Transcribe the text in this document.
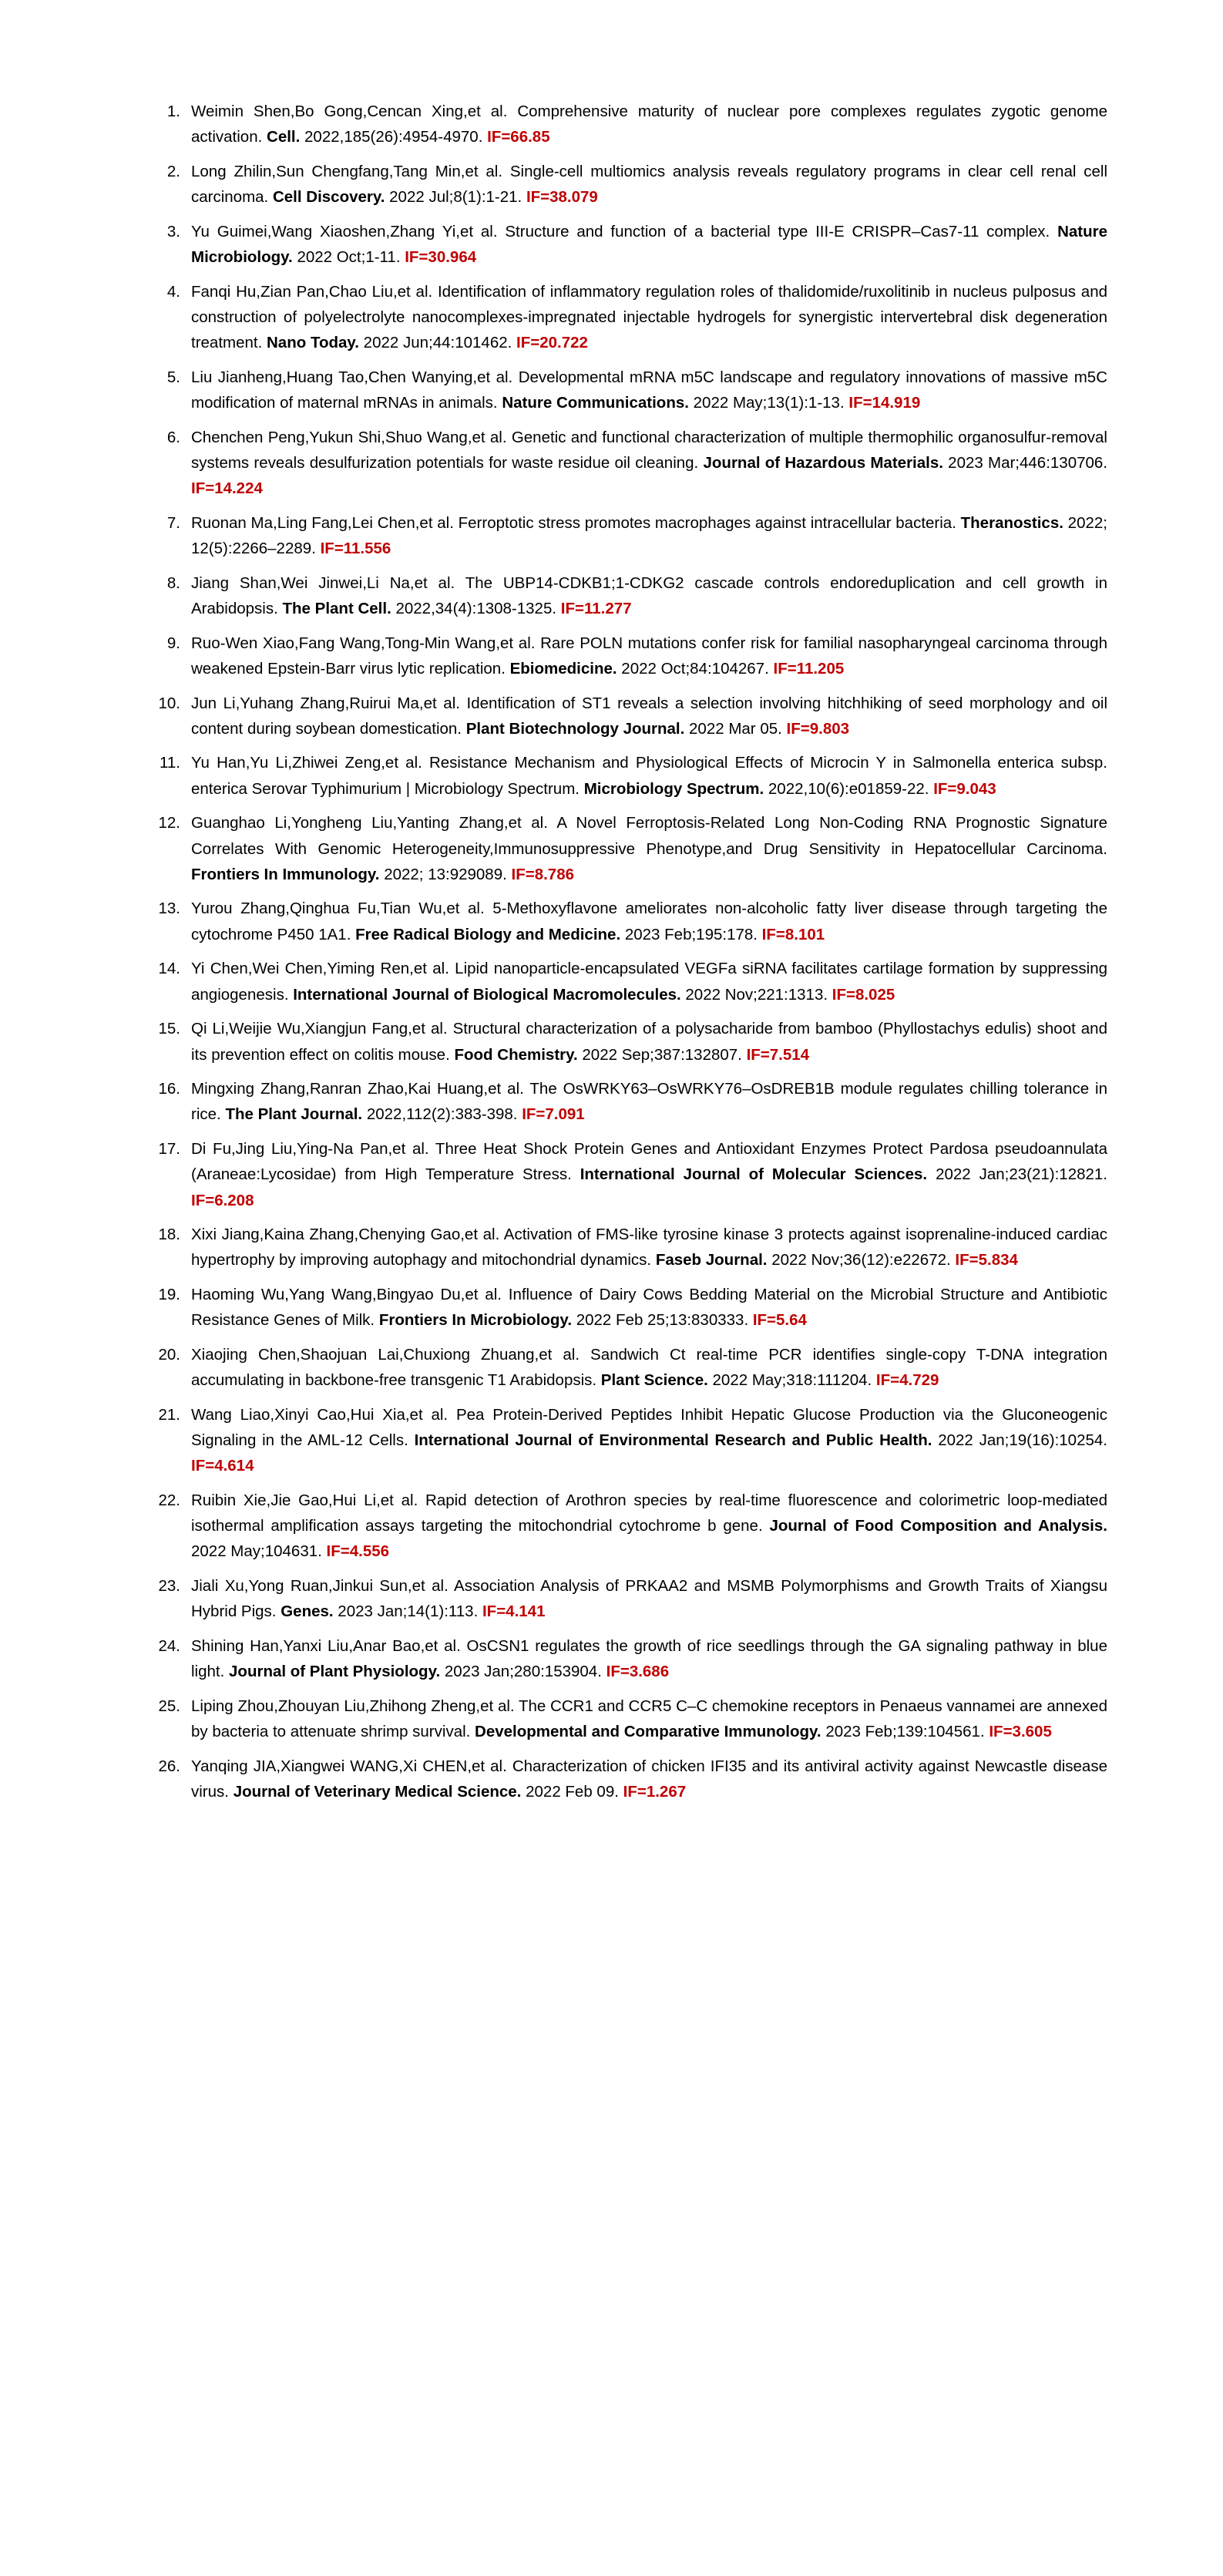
Weimin Shen,Bo Gong,Cencan Xing,et al. Comprehensive maturity of nuclear pore complexes regulates zygotic genome activation. Cell. 2022,185(26):4954-4970. IF=66.85
Long Zhilin,Sun Chengfang,Tang Min,et al. Single-cell multiomics analysis reveals regulatory programs in clear cell renal cell carcinoma. Cell Discovery. 2022 Jul;8(1):1-21. IF=38.079
Yu Guimei,Wang Xiaoshen,Zhang Yi,et al. Structure and function of a bacterial type III-E CRISPR–Cas7-11 complex. Nature Microbiology. 2022 Oct;1-11. IF=30.964
Fanqi Hu,Zian Pan,Chao Liu,et al. Identification of inflammatory regulation roles of thalidomide/ruxolitinib in nucleus pulposus and construction of polyelectrolyte nanocomplexes-impregnated injectable hydrogels for synergistic intervertebral disk degeneration treatment. Nano Today. 2022 Jun;44:101462. IF=20.722
Liu Jianheng,Huang Tao,Chen Wanying,et al. Developmental mRNA m5C landscape and regulatory innovations of massive m5C modification of maternal mRNAs in animals. Nature Communications. 2022 May;13(1):1-13. IF=14.919
Chenchen Peng,Yukun Shi,Shuo Wang,et al. Genetic and functional characterization of multiple thermophilic organosulfur-removal systems reveals desulfurization potentials for waste residue oil cleaning. Journal of Hazardous Materials. 2023 Mar;446:130706. IF=14.224
Ruonan Ma,Ling Fang,Lei Chen,et al. Ferroptotic stress promotes macrophages against intracellular bacteria. Theranostics. 2022; 12(5):2266–2289. IF=11.556
Jiang Shan,Wei Jinwei,Li Na,et al. The UBP14-CDKB1;1-CDKG2 cascade controls endoreduplication and cell growth in Arabidopsis. The Plant Cell. 2022,34(4):1308-1325. IF=11.277
Ruo-Wen Xiao,Fang Wang,Tong-Min Wang,et al. Rare POLN mutations confer risk for familial nasopharyngeal carcinoma through weakened Epstein-Barr virus lytic replication. Ebiomedicine. 2022 Oct;84:104267. IF=11.205
Jun Li,Yuhang Zhang,Ruirui Ma,et al. Identification of ST1 reveals a selection involving hitchhiking of seed morphology and oil content during soybean domestication. Plant Biotechnology Journal. 2022 Mar 05. IF=9.803
Yu Han,Yu Li,Zhiwei Zeng,et al. Resistance Mechanism and Physiological Effects of Microcin Y in Salmonella enterica subsp. enterica Serovar Typhimurium | Microbiology Spectrum. Microbiology Spectrum. 2022,10(6):e01859-22. IF=9.043
Guanghao Li,Yongheng Liu,Yanting Zhang,et al. A Novel Ferroptosis-Related Long Non-Coding RNA Prognostic Signature Correlates With Genomic Heterogeneity,Immunosuppressive Phenotype,and Drug Sensitivity in Hepatocellular Carcinoma. Frontiers In Immunology. 2022; 13:929089. IF=8.786
Yurou Zhang,Qinghua Fu,Tian Wu,et al. 5-Methoxyflavone ameliorates non-alcoholic fatty liver disease through targeting the cytochrome P450 1A1. Free Radical Biology and Medicine. 2023 Feb;195:178. IF=8.101
Yi Chen,Wei Chen,Yiming Ren,et al. Lipid nanoparticle-encapsulated VEGFa siRNA facilitates cartilage formation by suppressing angiogenesis. International Journal of Biological Macromolecules. 2022 Nov;221:1313. IF=8.025
Qi Li,Weijie Wu,Xiangjun Fang,et al. Structural characterization of a polysacharide from bamboo (Phyllostachys edulis) shoot and its prevention effect on colitis mouse. Food Chemistry. 2022 Sep;387:132807. IF=7.514
Mingxing Zhang,Ranran Zhao,Kai Huang,et al. The OsWRKY63–OsWRKY76–OsDREB1B module regulates chilling tolerance in rice. The Plant Journal. 2022,112(2):383-398. IF=7.091
Di Fu,Jing Liu,Ying-Na Pan,et al. Three Heat Shock Protein Genes and Antioxidant Enzymes Protect Pardosa pseudoannulata (Araneae:Lycosidae) from High Temperature Stress. International Journal of Molecular Sciences. 2022 Jan;23(21):12821. IF=6.208
Xixi Jiang,Kaina Zhang,Chenying Gao,et al. Activation of FMS-like tyrosine kinase 3 protects against isoprenaline-induced cardiac hypertrophy by improving autophagy and mitochondrial dynamics. Faseb Journal. 2022 Nov;36(12):e22672. IF=5.834
Haoming Wu,Yang Wang,Bingyao Du,et al. Influence of Dairy Cows Bedding Material on the Microbial Structure and Antibiotic Resistance Genes of Milk. Frontiers In Microbiology. 2022 Feb 25;13:830333. IF=5.64
Xiaojing Chen,Shaojuan Lai,Chuxiong Zhuang,et al. Sandwich Ct real-time PCR identifies single-copy T-DNA integration accumulating in backbone-free transgenic T1 Arabidopsis. Plant Science. 2022 May;318:111204. IF=4.729
Wang Liao,Xinyi Cao,Hui Xia,et al. Pea Protein-Derived Peptides Inhibit Hepatic Glucose Production via the Gluconeogenic Signaling in the AML-12 Cells. International Journal of Environmental Research and Public Health. 2022 Jan;19(16):10254. IF=4.614
Ruibin Xie,Jie Gao,Hui Li,et al. Rapid detection of Arothron species by real-time fluorescence and colorimetric loop-mediated isothermal amplification assays targeting the mitochondrial cytochrome b gene. Journal of Food Composition and Analysis. 2022 May;104631. IF=4.556
Jiali Xu,Yong Ruan,Jinkui Sun,et al. Association Analysis of PRKAA2 and MSMB Polymorphisms and Growth Traits of Xiangsu Hybrid Pigs. Genes. 2023 Jan;14(1):113. IF=4.141
Shining Han,Yanxi Liu,Anar Bao,et al. OsCSN1 regulates the growth of rice seedlings through the GA signaling pathway in blue light. Journal of Plant Physiology. 2023 Jan;280:153904. IF=3.686
Liping Zhou,Zhouyan Liu,Zhihong Zheng,et al. The CCR1 and CCR5 C–C chemokine receptors in Penaeus vannamei are annexed by bacteria to attenuate shrimp survival. Developmental and Comparative Immunology. 2023 Feb;139:104561. IF=3.605
Yanqing JIA,Xiangwei WANG,Xi CHEN,et al. Characterization of chicken IFI35 and its antiviral activity against Newcastle disease virus. Journal of Veterinary Medical Science. 2022 Feb 09. IF=1.267
